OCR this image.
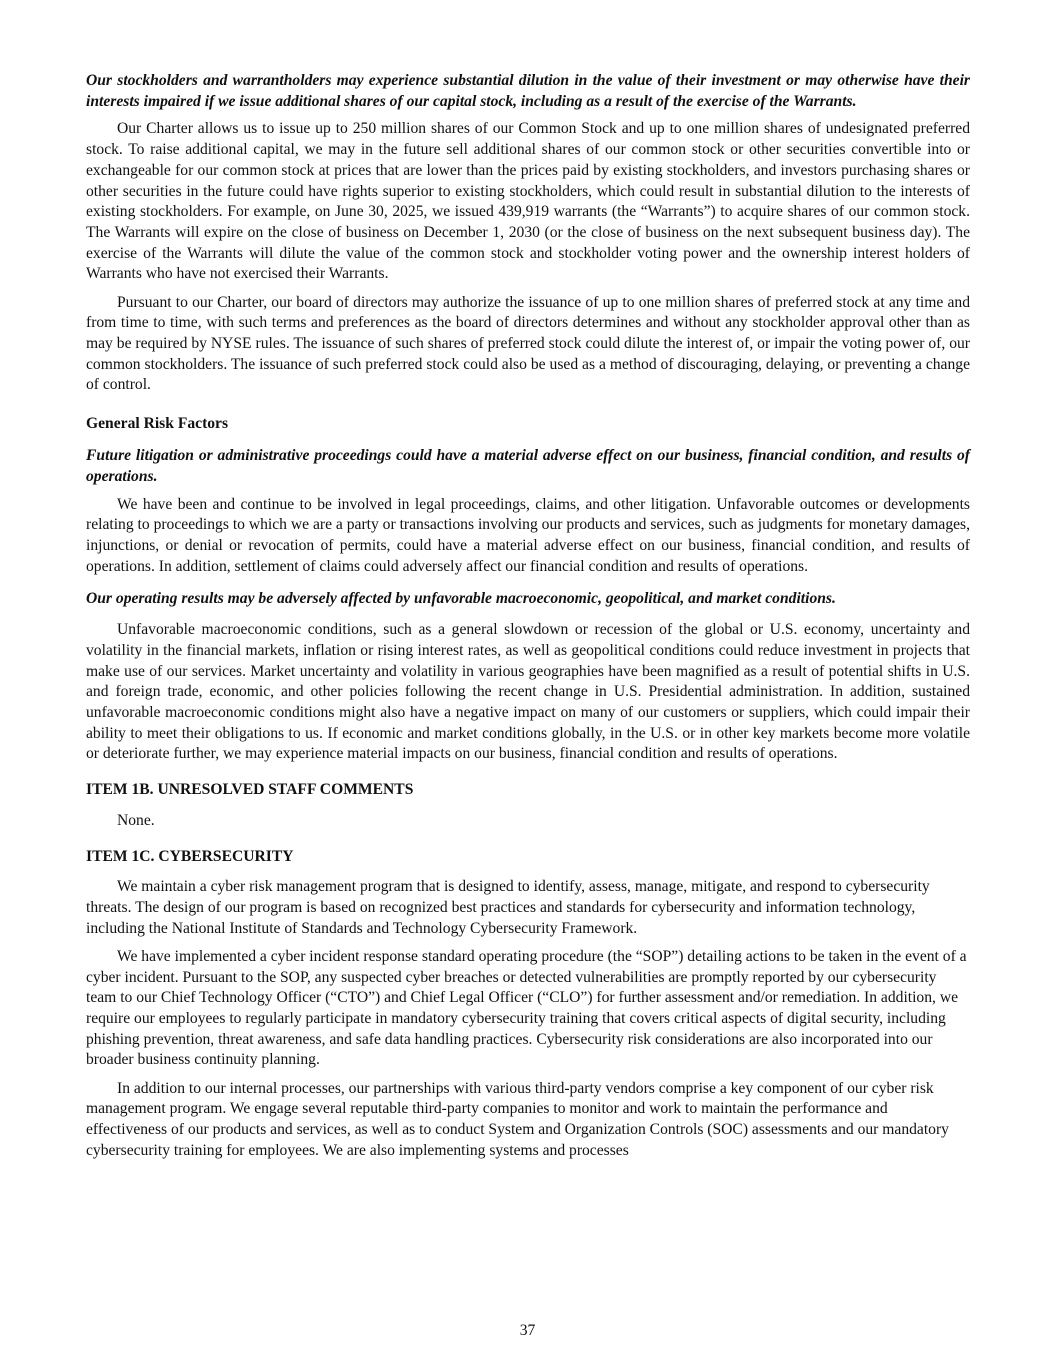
Our stockholders and warrantholders may experience substantial dilution in the value of their investment or may otherwise have their interests impaired if we issue additional shares of our capital stock, including as a result of the exercise of the Warrants.

Our Charter allows us to issue up to 250 million shares of our Common Stock and up to one million shares of undesignated preferred stock. To raise additional capital, we may in the future sell additional shares of our common stock or other securities convertible into or exchangeable for our common stock at prices that are lower than the prices paid by existing stockholders, and investors purchasing shares or other securities in the future could have rights superior to existing stockholders, which could result in substantial dilution to the interests of existing stockholders. For example, on June 30, 2025, we issued 439,919 warrants (the “Warrants”) to acquire shares of our common stock. The Warrants will expire on the close of business on December 1, 2030 (or the close of business on the next subsequent business day). The exercise of the Warrants will dilute the value of the common stock and stockholder voting power and the ownership interest holders of Warrants who have not exercised their Warrants.

Pursuant to our Charter, our board of directors may authorize the issuance of up to one million shares of preferred stock at any time and from time to time, with such terms and preferences as the board of directors determines and without any stockholder approval other than as may be required by NYSE rules. The issuance of such shares of preferred stock could dilute the interest of, or impair the voting power of, our common stockholders. The issuance of such preferred stock could also be used as a method of discouraging, delaying, or preventing a change of control.

General Risk Factors
Future litigation or administrative proceedings could have a material adverse effect on our business, financial condition, and results of operations.

We have been and continue to be involved in legal proceedings, claims, and other litigation. Unfavorable outcomes or developments relating to proceedings to which we are a party or transactions involving our products and services, such as judgments for monetary damages, injunctions, or denial or revocation of permits, could have a material adverse effect on our business, financial condition, and results of operations. In addition, settlement of claims could adversely affect our financial condition and results of operations.

Our operating results may be adversely affected by unfavorable macroeconomic, geopolitical, and market conditions.

Unfavorable macroeconomic conditions, such as a general slowdown or recession of the global or U.S. economy, uncertainty and volatility in the financial markets, inflation or rising interest rates, as well as geopolitical conditions could reduce investment in projects that make use of our services. Market uncertainty and volatility in various geographies have been magnified as a result of potential shifts in U.S. and foreign trade, economic, and other policies following the recent change in U.S. Presidential administration. In addition, sustained unfavorable macroeconomic conditions might also have a negative impact on many of our customers or suppliers, which could impair their ability to meet their obligations to us. If economic and market conditions globally, in the U.S. or in other key markets become more volatile or deteriorate further, we may experience material impacts on our business, financial condition and results of operations.

ITEM 1B. UNRESOLVED STAFF COMMENTS

None.

ITEM 1C. CYBERSECURITY

We maintain a cyber risk management program that is designed to identify, assess, manage, mitigate, and respond to cybersecurity threats. The design of our program is based on recognized best practices and standards for cybersecurity and information technology, including the National Institute of Standards and Technology Cybersecurity Framework.

We have implemented a cyber incident response standard operating procedure (the “SOP”) detailing actions to be taken in the event of a cyber incident. Pursuant to the SOP, any suspected cyber breaches or detected vulnerabilities are promptly reported by our cybersecurity team to our Chief Technology Officer (“CTO”) and Chief Legal Officer (“CLO”) for further assessment and/or remediation. In addition, we require our employees to regularly participate in mandatory cybersecurity training that covers critical aspects of digital security, including phishing prevention, threat awareness, and safe data handling practices. Cybersecurity risk considerations are also incorporated into our broader business continuity planning.

In addition to our internal processes, our partnerships with various third-party vendors comprise a key component of our cyber risk management program. We engage several reputable third-party companies to monitor and work to maintain the performance and effectiveness of our products and services, as well as to conduct System and Organization Controls (SOC) assessments and our mandatory cybersecurity training for employees. We are also implementing systems and processes

37
